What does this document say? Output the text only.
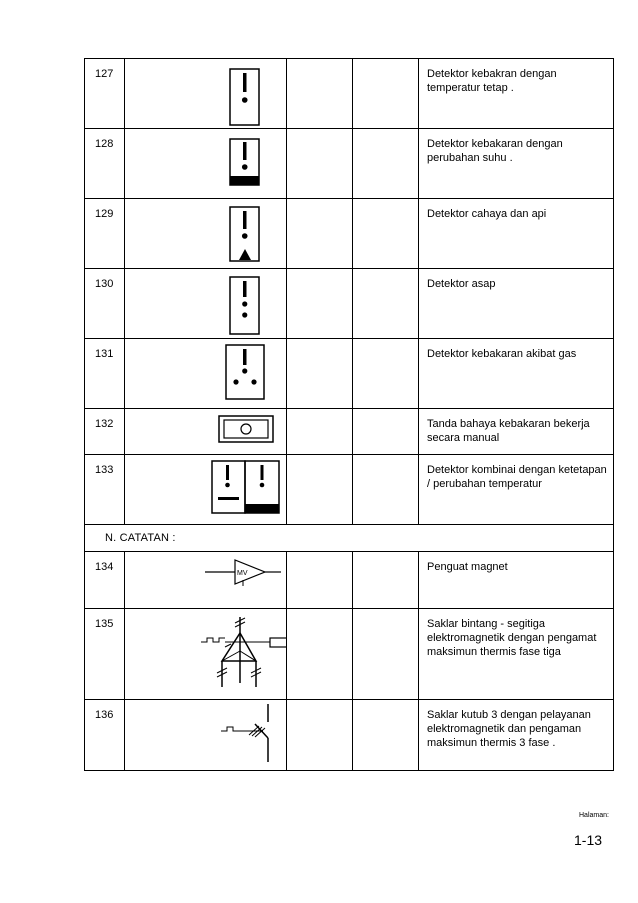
127				Detektor kebakran dengan temperatur tetap .
128				Detektor kebakaran dengan perubahan suhu .
129				Detektor cahaya dan api
130				Detektor asap
131				Detektor kebakaran akibat gas
132				Tanda bahaya kebakaran bekerja secara manual
133				Detektor kombinai dengan ketetapan / perubahan temperatur
N. CATATAN :				
134	MV			Penguat magnet
135				Saklar bintang - segitiga elektromagnetik dengan pengamat maksimun thermis fase tiga
136				Saklar kutub 3 dengan pelayanan elektromagnetik dan pengaman maksimun thermis 3 fase .
Halaman:
1-13
